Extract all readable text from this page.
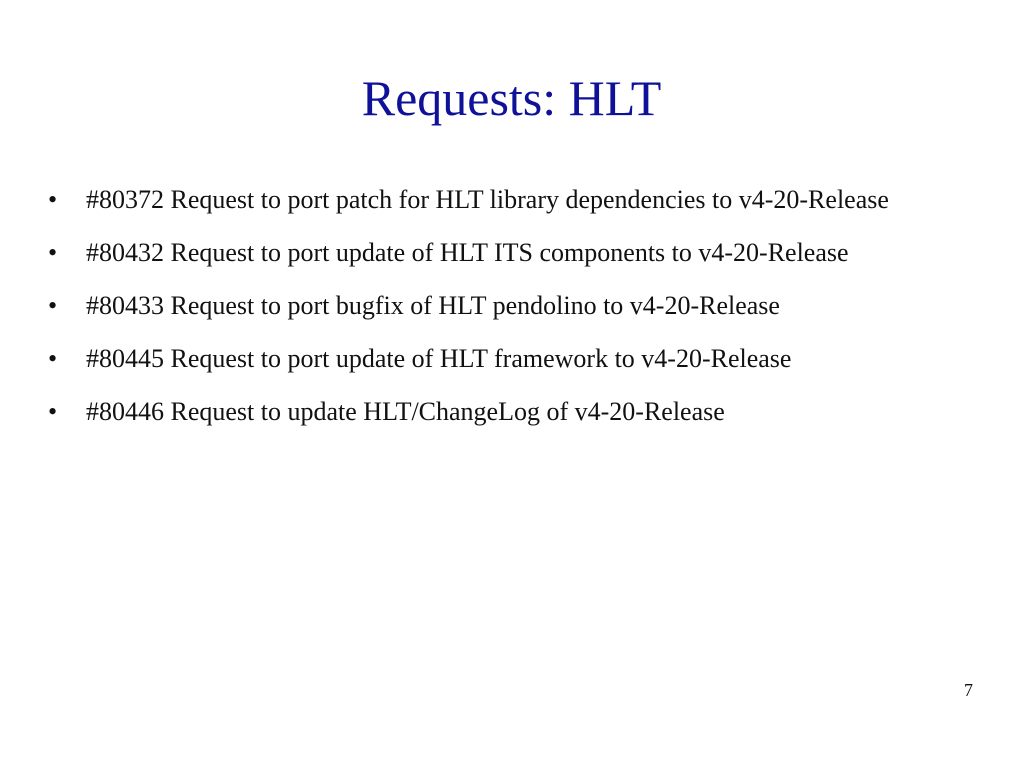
Requests: HLT
•	#80372 Request to port patch for HLT library dependencies to v4-20-Release
•	#80432 Request to port update of HLT ITS components to v4-20-Release
•	#80433 Request to port bugfix of HLT pendolino to v4-20-Release
•	#80445 Request to port update of HLT framework to v4-20-Release
•	#80446 Request to update HLT/ChangeLog of v4-20-Release
7
